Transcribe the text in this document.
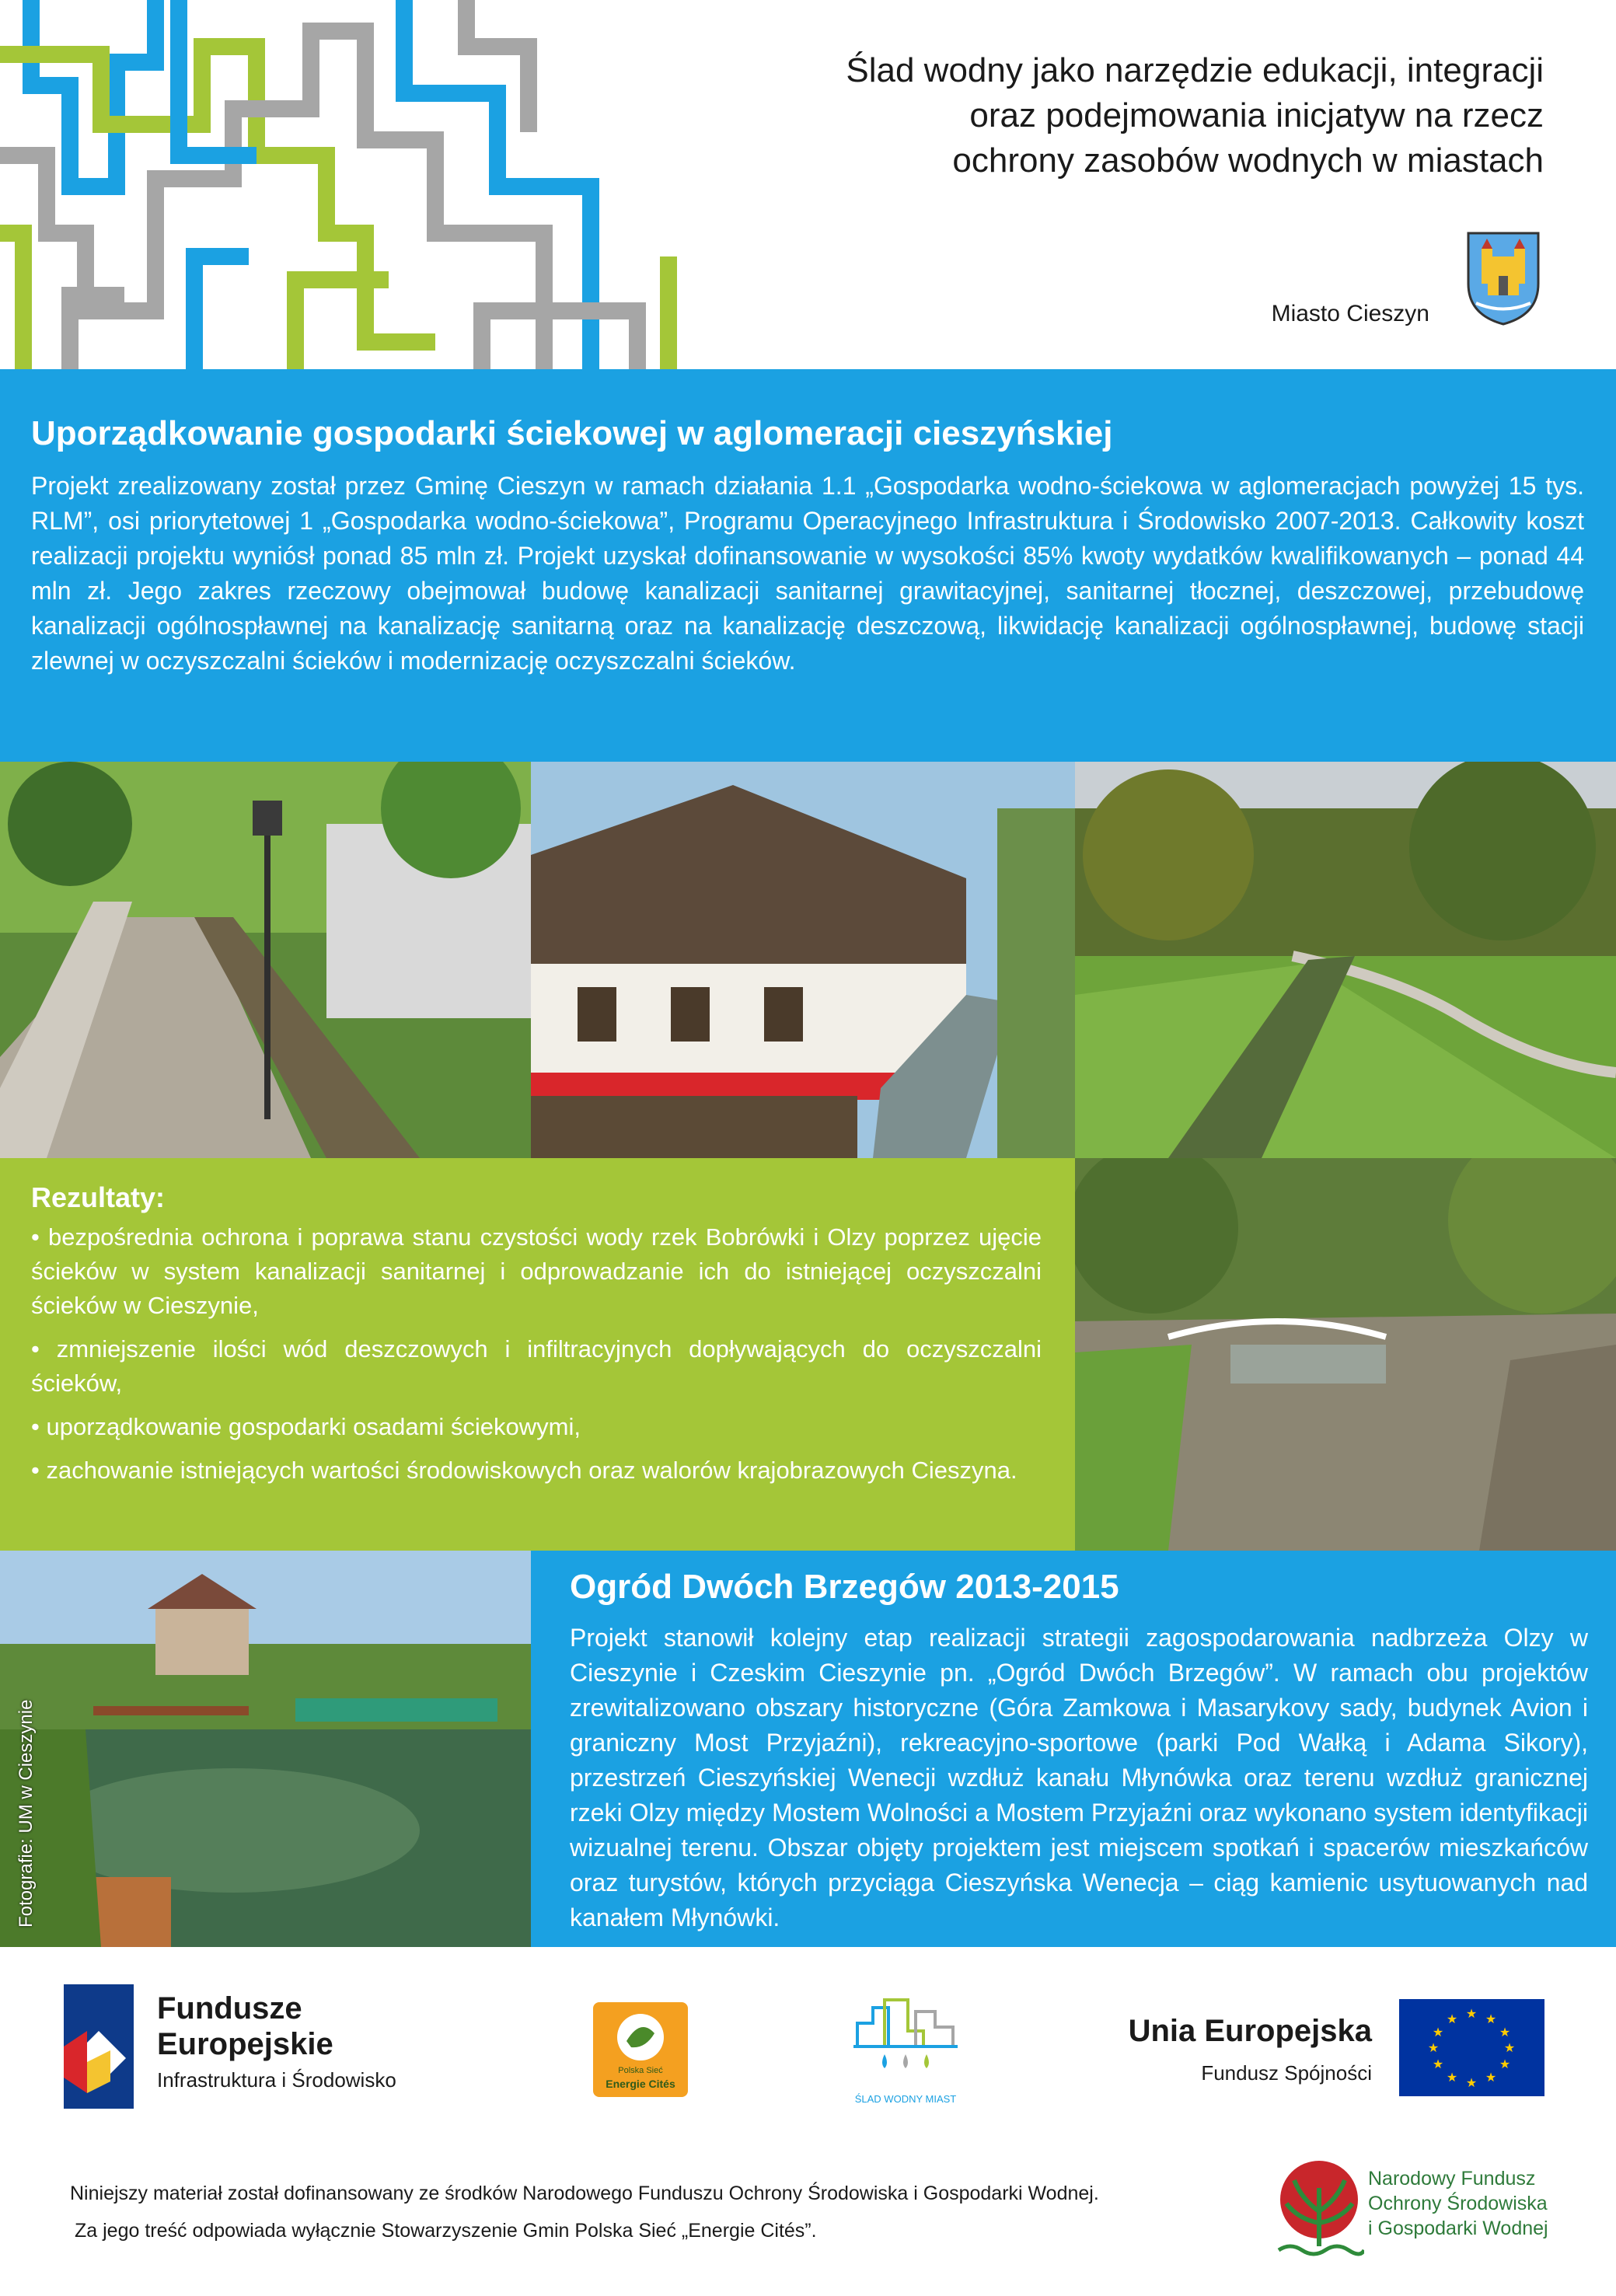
Ślad wodny jako narzędzie edukacji, integracji
oraz podejmowania inicjatyw na rzecz
ochrony zasobów wodnych w miastach
Miasto Cieszyn
Uporządkowanie gospodarki ściekowej w aglomeracji cieszyńskiej

Projekt zrealizowany został przez Gminę Cieszyn w ramach działania 1.1 „Gospodarka wodno-ściekowa w aglomeracjach powyżej 15 tys. RLM”, osi priorytetowej 1 „Gospodarka wodno-ściekowa”, Programu Operacyjnego Infrastruktura i Środowisko 2007-2013. Całkowity koszt realizacji projektu wyniósł ponad 85 mln zł. Projekt uzyskał dofinansowanie w wysokości 85% kwoty wydatków kwalifikowanych – ponad 44 mln zł. Jego zakres rzeczowy obejmował budowę kanalizacji sanitarnej grawitacyjnej, sanitarnej tłocznej, deszczowej, przebudowę kanalizacji ogólnospławnej na kanalizację sanitarną oraz na kanalizację deszczową, likwidację kanalizacji ogólnospławnej, budowę stacji zlewnej w oczyszczalni ścieków i modernizację oczyszczalni ścieków.

Rezultaty:
• bezpośrednia ochrona i poprawa stanu czystości wody rzek Bobrówki i Olzy poprzez ujęcie ścieków w system kanalizacji sanitarnej i odprowadzanie ich do istniejącej oczyszczalni ścieków w Cieszynie,
• zmniejszenie ilości wód deszczowych i infiltracyjnych dopływających do oczyszczalni ścieków,
• uporządkowanie gospodarki osadami ściekowymi,
• zachowanie istniejących wartości środowiskowych oraz walorów krajobrazowych Cieszyna.
Fotografie: UM w Cieszynie
Ogród Dwóch Brzegów 2013-2015

Projekt stanowił kolejny etap realizacji strategii zagospodarowania nadbrzeża Olzy w Cieszynie i Czeskim Cieszynie pn. „Ogród Dwóch Brzegów”. W ramach obu projektów zrewitalizowano obszary historyczne (Góra Zamkowa i Masarykovy sady, budynek Avion i graniczny Most Przyjaźni), rekreacyjno-sportowe (parki Pod Wałką i Adama Sikory), przestrzeń Cieszyńskiej Wenecji wzdłuż kanału Młynówka oraz terenu wzdłuż granicznej rzeki Olzy między Mostem Wolności a Mostem Przyjaźni oraz wykonano system identyfikacji wizualnej terenu. Obszar objęty projektem jest miejscem spotkań i spacerów mieszkańców oraz turystów, których przyciąga Cieszyńska Wenecja – ciąg kamienic usytuowanych nad kanałem Młynówki.

Fundusze
Europejskie
Infrastruktura i Środowisko	Polska Sieć
Energie Cités
ŚLAD WODNY MIAST
Unia Europejska
Fundusz Spójności
★ ★
★
★
★
★
★
★
★
★
★
★
Niniejszy materiał został dofinansowany ze środków Narodowego Funduszu Ochrony Środowiska i Gospodarki Wodnej.
Za jego treść odpowiada wyłącznie Stowarzyszenie Gmin Polska Sieć „Energie Cités”.
Narodowy Fundusz
Ochrony Środowiska
i Gospodarki Wodnej
